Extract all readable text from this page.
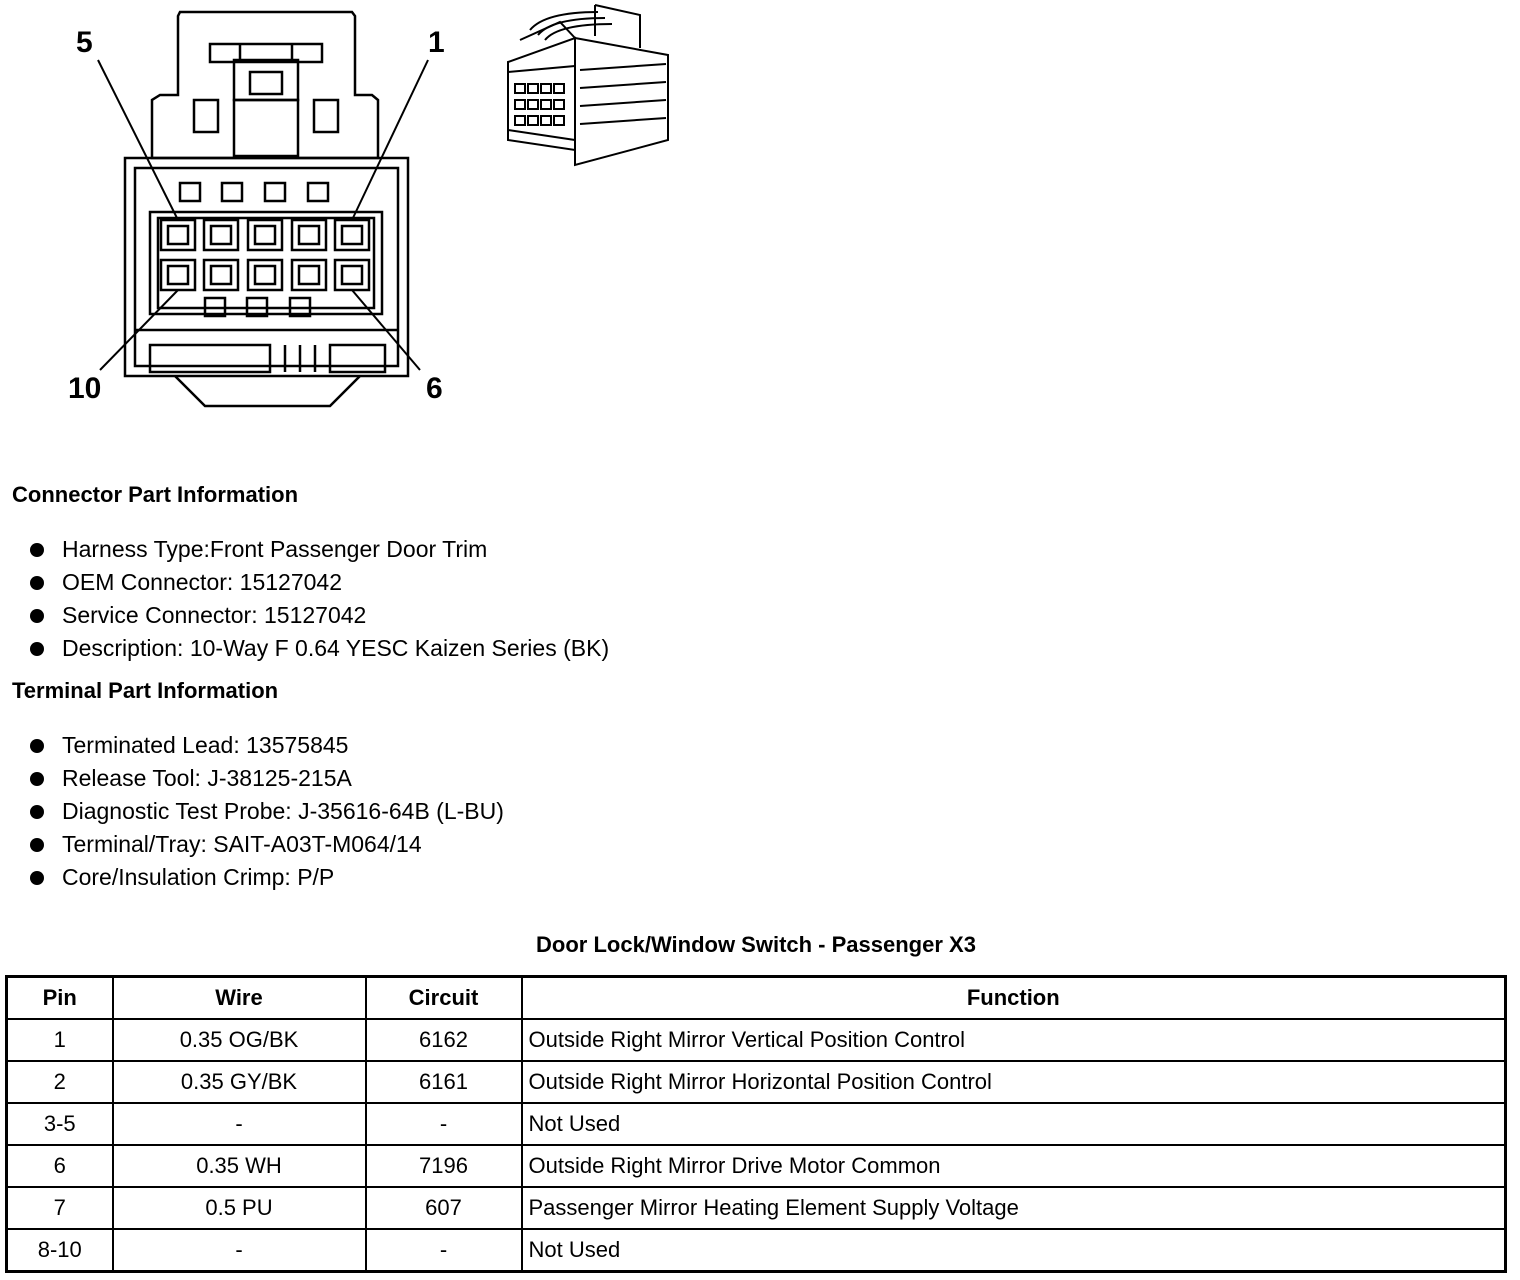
5	1
10	6
Connector Part Information
Harness Type:Front Passenger Door Trim
OEM Connector: 15127042
Service Connector: 15127042
Description: 10-Way F 0.64 YESC Kaizen Series (BK)
Terminal Part Information
Terminated Lead: 13575845
Release Tool: J-38125-215A
Diagnostic Test Probe: J-35616-64B (L-BU)
Terminal/Tray: SAIT-A03T-M064/14
Core/Insulation Crimp: P/P
Door Lock/Window Switch - Passenger X3
Pin	Wire	Circuit	Function
1	0.35 OG/BK	6162	Outside Right Mirror Vertical Position Control
2	0.35 GY/BK	6161	Outside Right Mirror Horizontal Position Control
3-5	-	-	Not Used
6	0.35 WH	7196	Outside Right Mirror Drive Motor Common
7	0.5 PU	607	Passenger Mirror Heating Element Supply Voltage
8-10	-	-	Not Used
